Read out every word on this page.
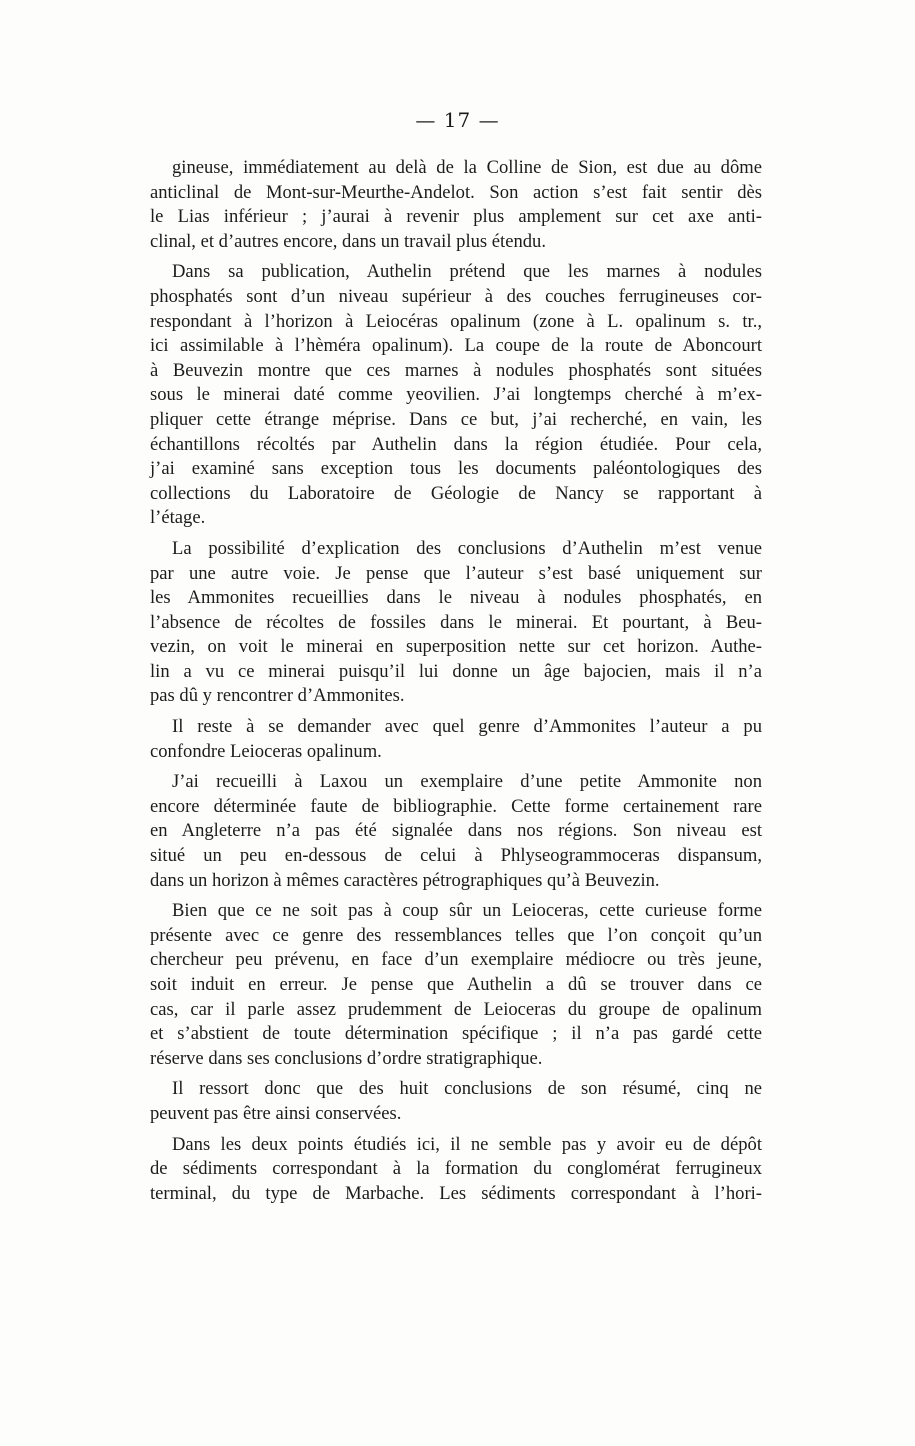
— 17 —
gineuse, immédiatement au delà de la Colline de Sion, est due au dôme
anticlinal de Mont-sur-Meurthe-Andelot. Son action s’est fait sentir dès
le Lias inférieur ; j’aurai à revenir plus amplement sur cet axe anti-
clinal, et d’autres encore, dans un travail plus étendu.
Dans sa publication, Authelin prétend que les marnes à nodules
phosphatés sont d’un niveau supérieur à des couches ferrugineuses cor-
respondant à l’horizon à Leiocéras opalinum (zone à L. opalinum s. tr.,
ici assimilable à l’hèméra opalinum). La coupe de la route de Aboncourt
à Beuvezin montre que ces marnes à nodules phosphatés sont situées
sous le minerai daté comme yeovilien. J’ai longtemps cherché à m’ex-
pliquer cette étrange méprise. Dans ce but, j’ai recherché, en vain, les
échantillons récoltés par Authelin dans la région étudiée. Pour cela,
j’ai examiné sans exception tous les documents paléontologiques des
collections du Laboratoire de Géologie de Nancy se rapportant à
l’étage.
La possibilité d’explication des conclusions d’Authelin m’est venue
par une autre voie. Je pense que l’auteur s’est basé uniquement sur
les Ammonites recueillies dans le niveau à nodules phosphatés, en
l’absence de récoltes de fossiles dans le minerai. Et pourtant, à Beu-
vezin, on voit le minerai en superposition nette sur cet horizon. Authe-
lin a vu ce minerai puisqu’il lui donne un âge bajocien, mais il n’a
pas dû y rencontrer d’Ammonites.
Il reste à se demander avec quel genre d’Ammonites l’auteur a pu
confondre Leioceras opalinum.
J’ai recueilli à Laxou un exemplaire d’une petite Ammonite non
encore déterminée faute de bibliographie. Cette forme certainement rare
en Angleterre n’a pas été signalée dans nos régions. Son niveau est
situé un peu en-dessous de celui à Phlyseogrammoceras dispansum,
dans un horizon à mêmes caractères pétrographiques qu’à Beuvezin.
Bien que ce ne soit pas à coup sûr un Leioceras, cette curieuse forme
présente avec ce genre des ressemblances telles que l’on conçoit qu’un
chercheur peu prévenu, en face d’un exemplaire médiocre ou très jeune,
soit induit en erreur. Je pense que Authelin a dû se trouver dans ce
cas, car il parle assez prudemment de Leioceras du groupe de opalinum
et s’abstient de toute détermination spécifique ; il n’a pas gardé cette
réserve dans ses conclusions d’ordre stratigraphique.
Il ressort donc que des huit conclusions de son résumé, cinq ne
peuvent pas être ainsi conservées.
Dans les deux points étudiés ici, il ne semble pas y avoir eu de dépôt
de sédiments correspondant à la formation du conglomérat ferrugineux
terminal, du type de Marbache. Les sédiments correspondant à l’hori-
